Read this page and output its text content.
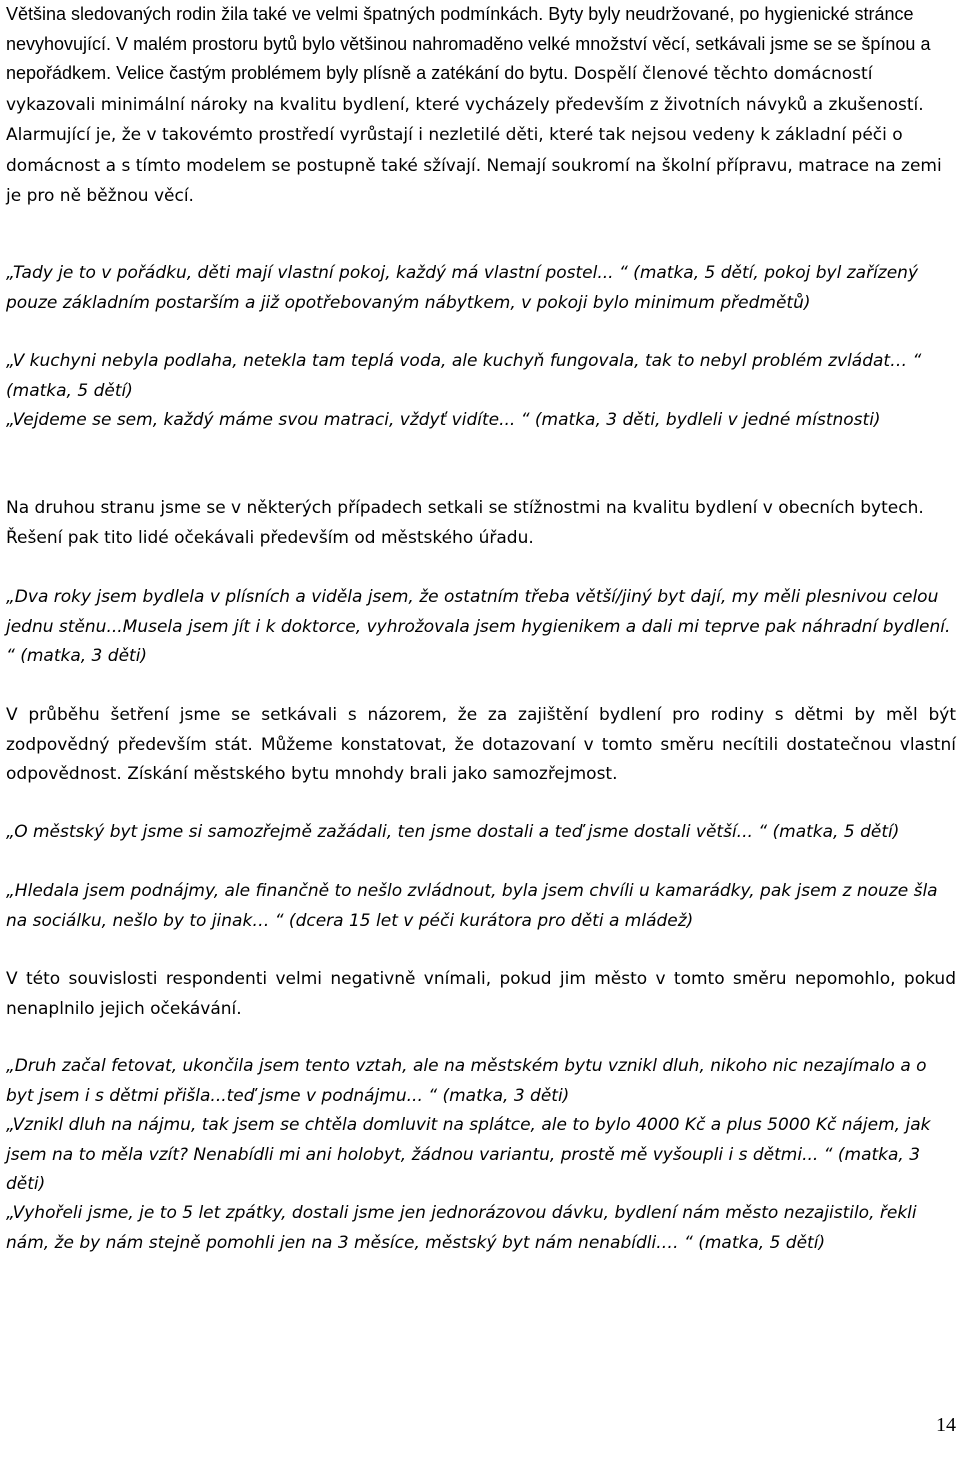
Většina sledovaných rodin žila také ve velmi špatných podmínkách. Byty byly neudržované, po hygienické stránce nevyhovující. V malém prostoru bytů bylo většinou nahromaděno velké množství věcí, setkávali jsme se se špínou a nepořádkem. Velice častým problémem byly plísně a zatékání do bytu. Dospělí členové těchto domácností vykazovali minimální nároky na kvalitu bydlení, které vycházely především z životních návyků a zkušeností. Alarmující je, že v takovémto prostředí vyrůstají i nezletilé děti, které tak nejsou vedeny k základní péči o domácnost a s tímto modelem se postupně také sžívají. Nemají soukromí na školní přípravu, matrace na zemi je pro ně běžnou věcí.

„Tady je to v pořádku, děti mají vlastní pokoj, každý má vlastní postel... “ (matka, 5 dětí, pokoj byl zařízený pouze základním postarším a již opotřebovaným nábytkem, v pokoji bylo minimum předmětů)

„V kuchyni nebyla podlaha, netekla tam teplá voda, ale kuchyň fungovala, tak to nebyl problém zvládat… “ (matka, 5 dětí)

„Vejdeme se sem, každý máme svou matraci, vždyť vidíte... “ (matka, 3 děti, bydleli v jedné místnosti)

Na druhou stranu jsme se v některých případech setkali se stížnostmi na kvalitu bydlení v obecních bytech. Řešení pak tito lidé očekávali především od městského úřadu.

„Dva roky jsem bydlela v plísních a viděla jsem, že ostatním třeba větší/jiný byt dají, my měli plesnivou celou jednu stěnu...Musela jsem jít i k doktorce, vyhrožovala jsem hygienikem a dali mi teprve pak náhradní bydlení. “ (matka, 3 děti)

V průběhu šetření jsme se setkávali s názorem, že za zajištění bydlení pro rodiny s dětmi by měl být zodpovědný především stát. Můžeme konstatovat, že dotazovaní v tomto směru necítili dostatečnou vlastní odpovědnost. Získání městského bytu mnohdy brali jako samozřejmost.

„O městský byt jsme si samozřejmě zažádali, ten jsme dostali a teď jsme dostali větší... “ (matka, 5 dětí)

„Hledala jsem podnájmy, ale finančně to nešlo zvládnout, byla jsem chvíli u kamarádky, pak jsem z nouze šla na sociálku, nešlo by to jinak… “ (dcera 15 let v péči kurátora pro děti a mládež)

V této souvislosti respondenti velmi negativně vnímali, pokud jim město v tomto směru nepomohlo, pokud nenaplnilo jejich očekávání.

„Druh začal fetovat, ukončila jsem tento vztah, ale na městském bytu vznikl dluh, nikoho nic nezajímalo a o byt jsem i s dětmi přišla...teď jsme v podnájmu... “ (matka, 3 děti)

„Vznikl dluh na nájmu, tak jsem se chtěla domluvit na splátce, ale to bylo 4000 Kč a plus 5000 Kč nájem, jak jsem na to měla vzít? Nenabídli mi ani holobyt, žádnou variantu, prostě mě vyšoupli i s dětmi... “ (matka, 3 děti)

„Vyhořeli jsme, je to 5 let zpátky, dostali jsme jen jednorázovou dávku, bydlení nám město nezajistilo, řekli nám, že by nám stejně pomohli jen na 3 měsíce, městský byt nám nenabídli.… “ (matka, 5 dětí)

14
